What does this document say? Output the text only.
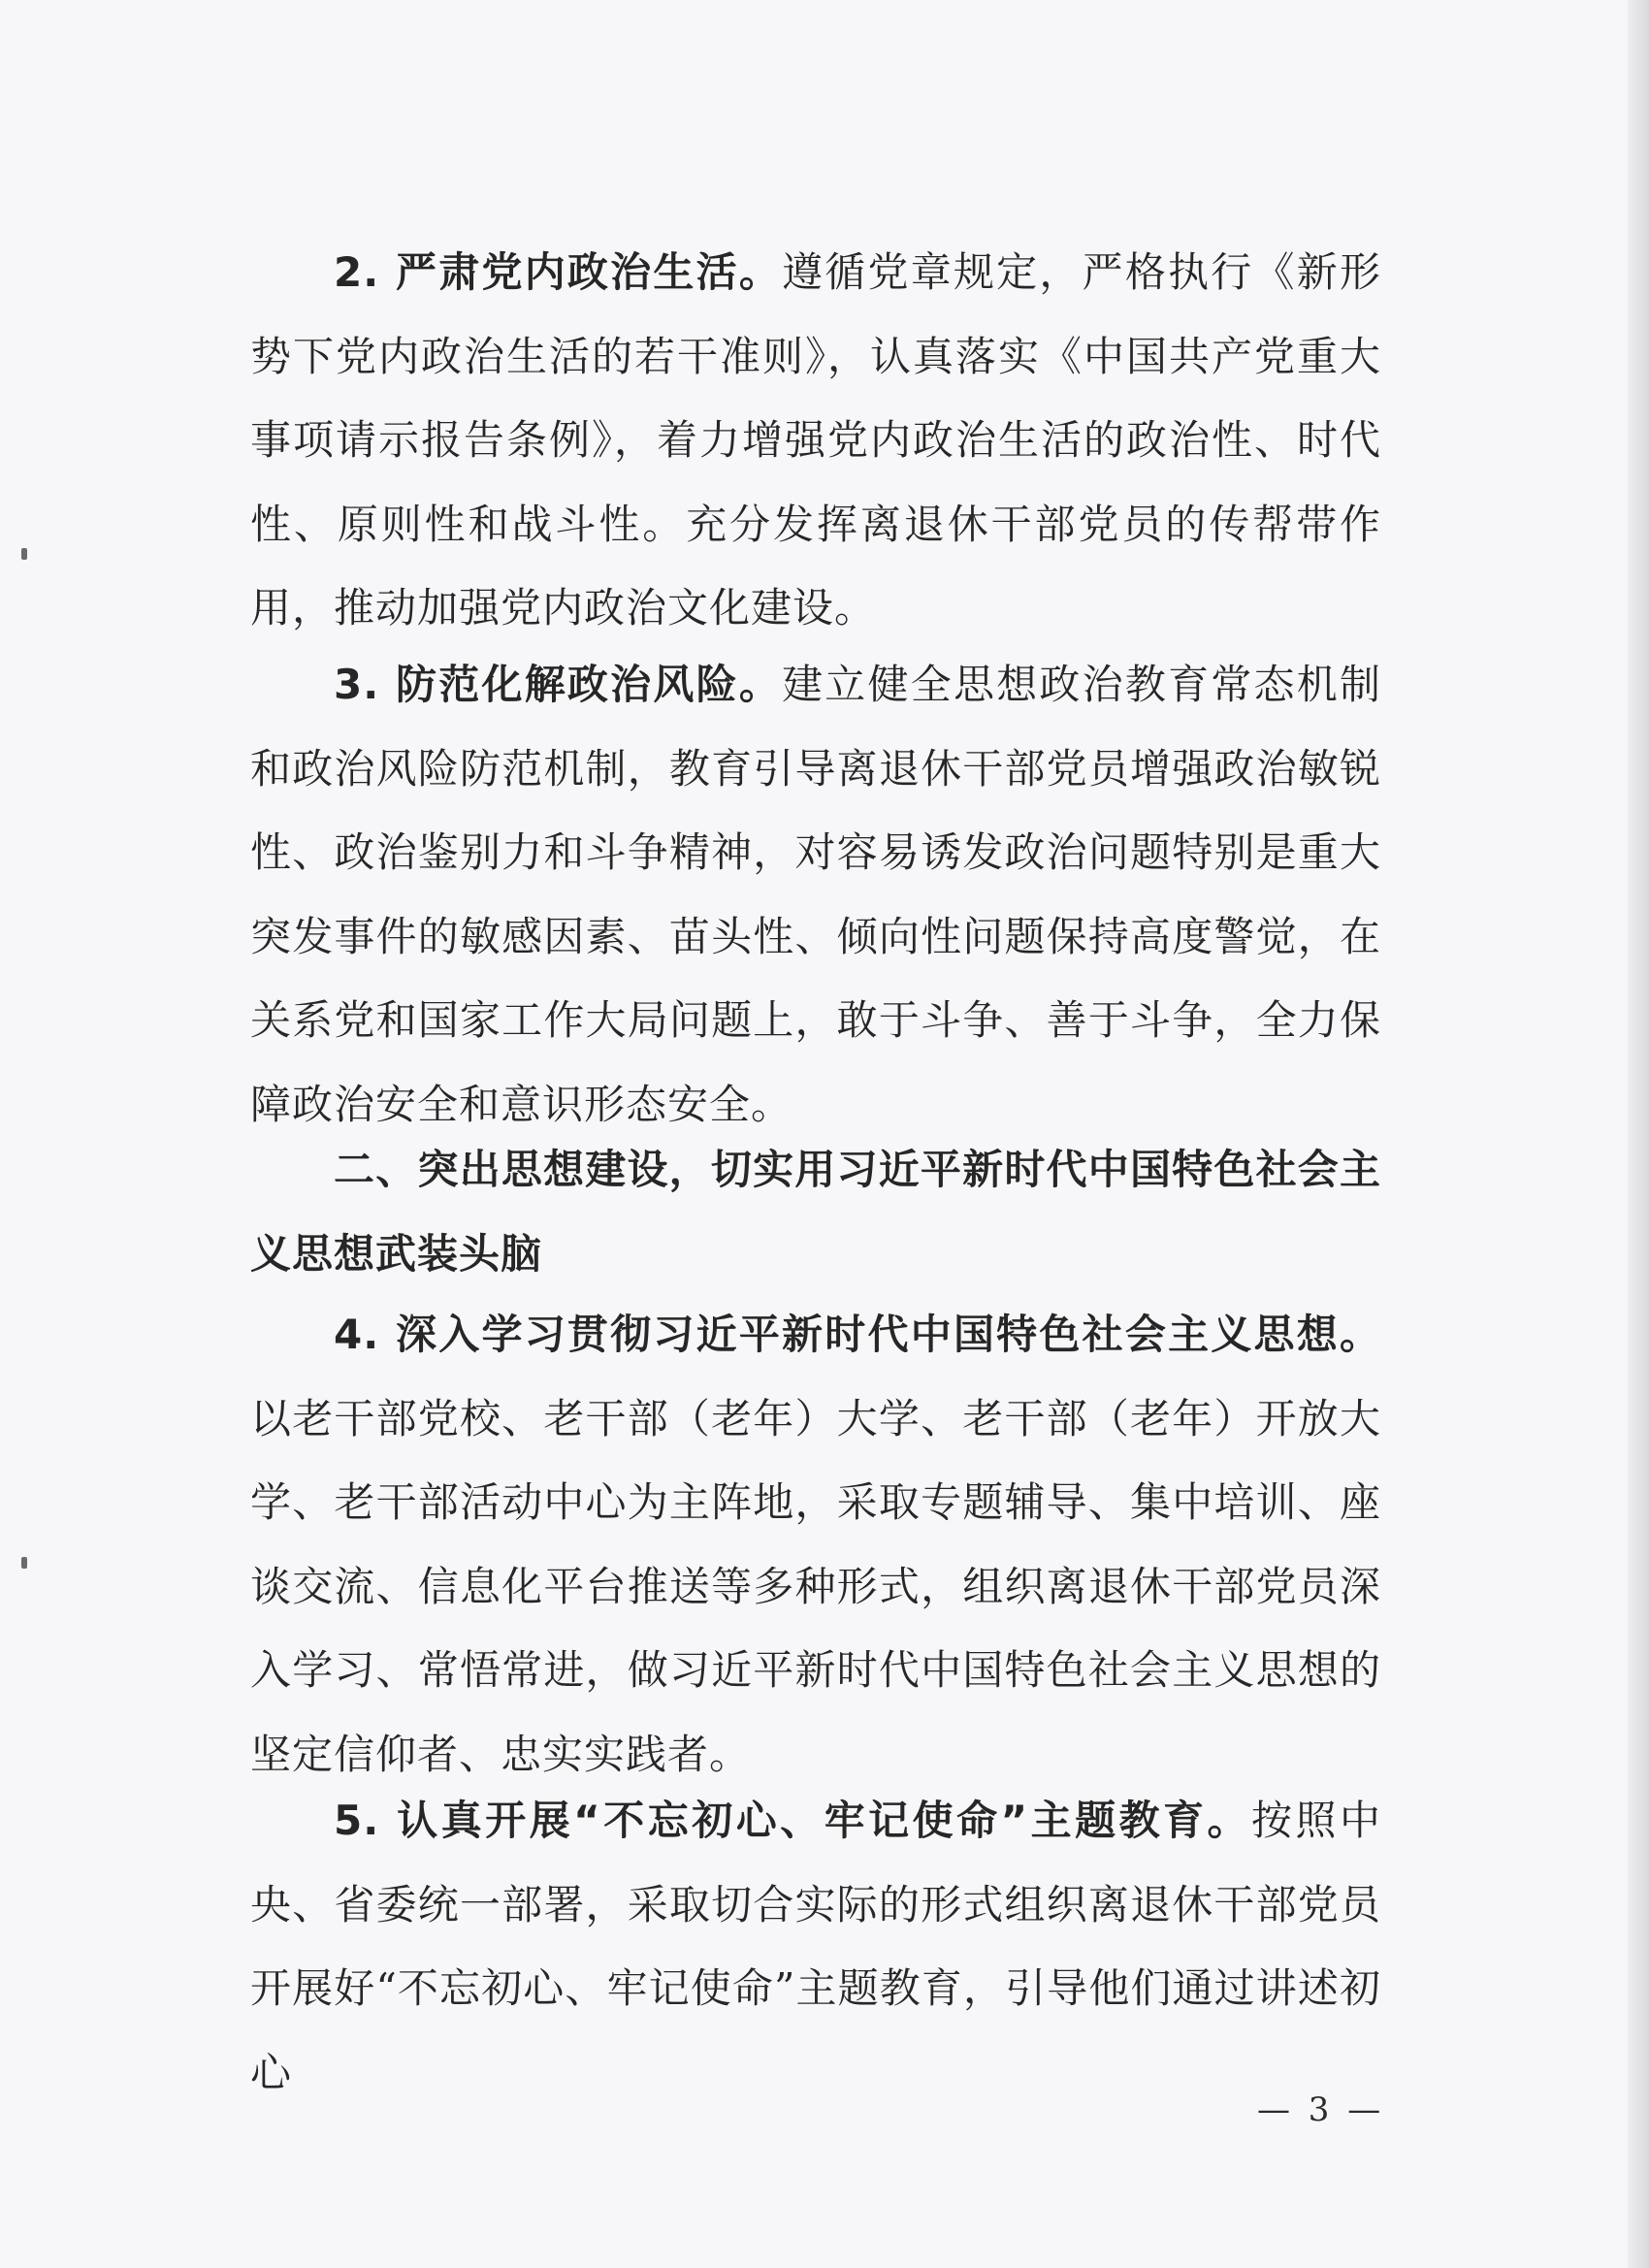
2. 严肃党内政治生活。遵循党章规定，严格执行《新形势下党内政治生活的若干准则》，认真落实《中国共产党重大事项请示报告条例》，着力增强党内政治生活的政治性、时代性、原则性和战斗性。充分发挥离退休干部党员的传帮带作用，推动加强党内政治文化建设。

3. 防范化解政治风险。建立健全思想政治教育常态机制和政治风险防范机制，教育引导离退休干部党员增强政治敏锐性、政治鉴别力和斗争精神，对容易诱发政治问题特别是重大突发事件的敏感因素、苗头性、倾向性问题保持高度警觉，在关系党和国家工作大局问题上，敢于斗争、善于斗争，全力保障政治安全和意识形态安全。

二、突出思想建设，切实用习近平新时代中国特色社会主义思想武装头脑

4. 深入学习贯彻习近平新时代中国特色社会主义思想。以老干部党校、老干部（老年）大学、老干部（老年）开放大学、老干部活动中心为主阵地，采取专题辅导、集中培训、座谈交流、信息化平台推送等多种形式，组织离退休干部党员深入学习、常悟常进，做习近平新时代中国特色社会主义思想的坚定信仰者、忠实实践者。

5. 认真开展“不忘初心、牢记使命”主题教育。按照中央、省委统一部署，采取切合实际的形式组织离退休干部党员开展好“不忘初心、牢记使命”主题教育，引导他们通过讲述初心

— 3 —
